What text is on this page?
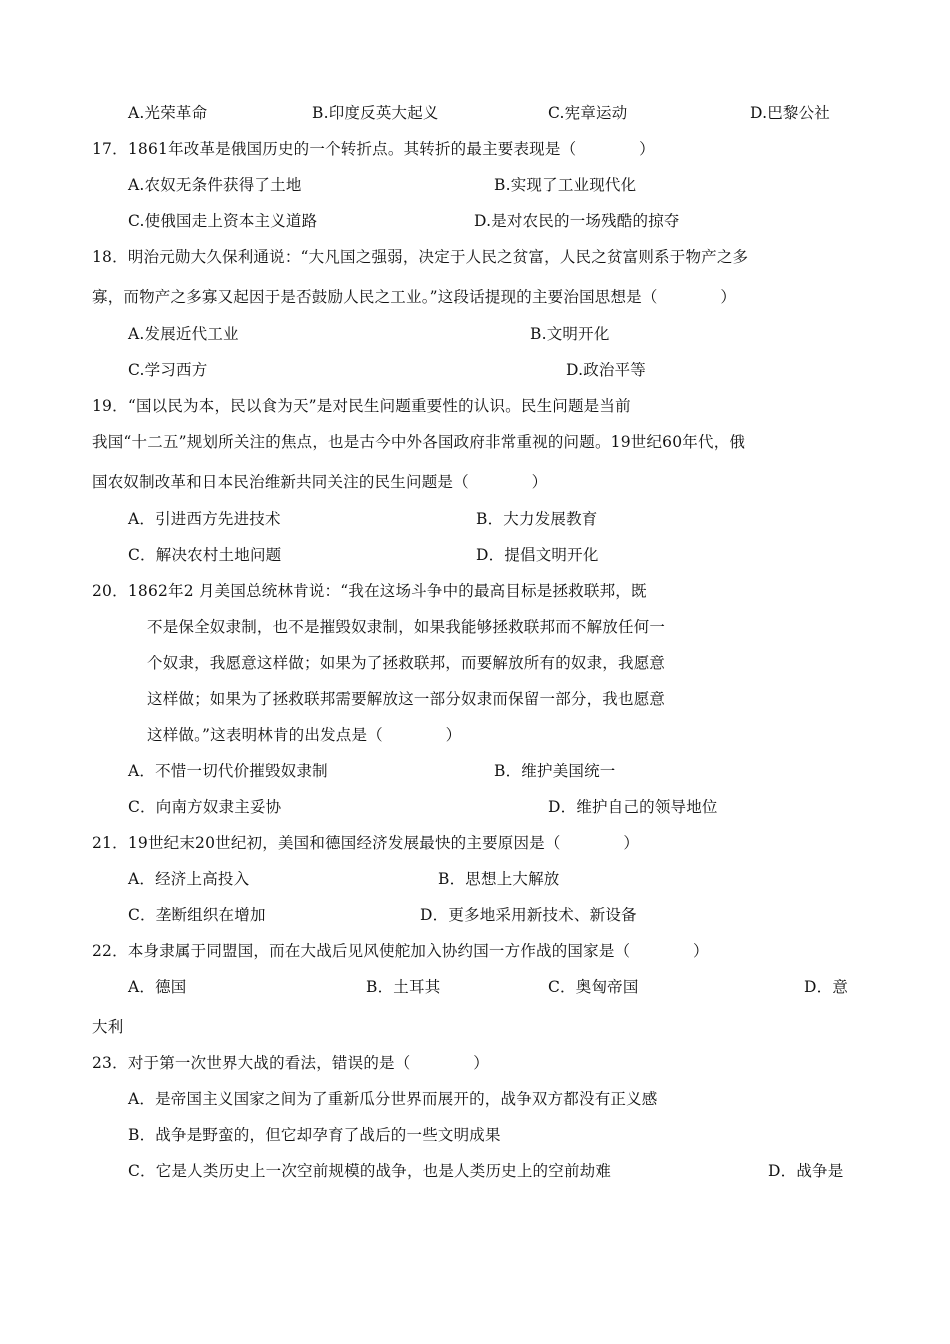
A.光荣革命	B.印度反英大起义	C.宪章运动	D.巴黎公社
17．1861年改革是俄国历史的一个转折点。其转折的最主要表现是（　　　　）
A.农奴无条件获得了土地	B.实现了工业现代化
C.使俄国走上资本主义道路	D.是对农民的一场残酷的掠夺
18．明治元勋大久保利通说：“大凡国之强弱，决定于人民之贫富，人民之贫富则系于物产之多
寡，而物产之多寡又起因于是否鼓励人民之工业。”这段话提现的主要治国思想是（　　　　）
A.发展近代工业	B.文明开化
C.学习西方	D.政治平等
19．“国以民为本，民以食为天”是对民生问题重要性的认识。民生问题是当前
我国“十二五”规划所关注的焦点，也是古今中外各国政府非常重视的问题。19世纪60年代，俄
国农奴制改革和日本民治维新共同关注的民生问题是（　　　　）
A．引进西方先进技术	B．大力发展教育
C．解决农村土地问题	D．提倡文明开化
20．1862年2 月美国总统林肯说：“我在这场斗争中的最高目标是拯救联邦，既
不是保全奴隶制，也不是摧毁奴隶制，如果我能够拯救联邦而不解放任何一
个奴隶，我愿意这样做；如果为了拯救联邦，而要解放所有的奴隶，我愿意
这样做；如果为了拯救联邦需要解放这一部分奴隶而保留一部分，我也愿意
这样做。”这表明林肯的出发点是（　　　　）
A．不惜一切代价摧毁奴隶制	B．维护美国统一
C．向南方奴隶主妥协	D．维护自己的领导地位
21．19世纪末20世纪初，美国和德国经济发展最快的主要原因是（　　　　）
A．经济上高投入	B．思想上大解放
C．垄断组织在增加	D．更多地采用新技术、新设备
22．本身隶属于同盟国，而在大战后见风使舵加入协约国一方作战的国家是（　　　　）
A．德国	B．土耳其	C．奥匈帝国	D．意
大利
23．对于第一次世界大战的看法，错误的是（　　　　）
A．是帝国主义国家之间为了重新瓜分世界而展开的，战争双方都没有正义感
B．战争是野蛮的，但它却孕育了战后的一些文明成果
C．它是人类历史上一次空前规模的战争，也是人类历史上的空前劫难	D．战争是
